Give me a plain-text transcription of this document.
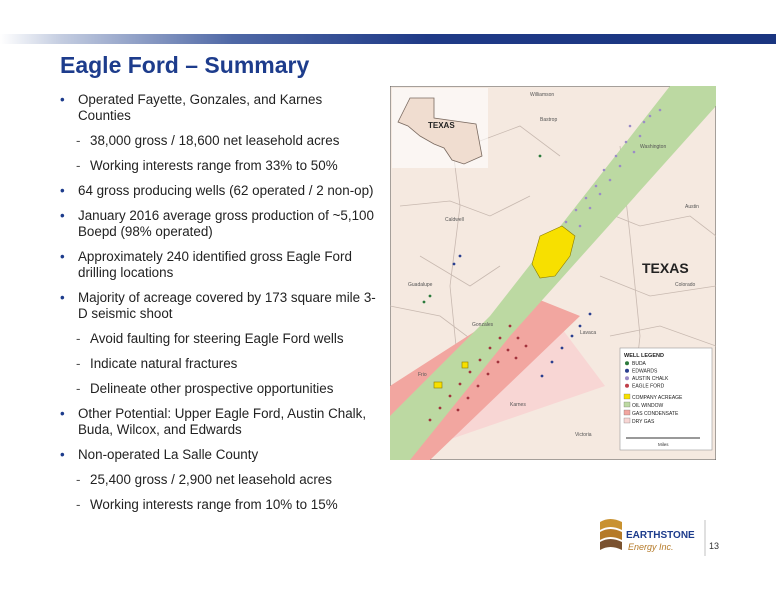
Eagle Ford – Summary
• Operated Fayette, Gonzales, and Karnes Counties
- 38,000 gross / 18,600 net leasehold acres
- Working interests range from 33% to 50%
• 64 gross producing wells (62 operated / 2 non-op)
• January 2016 average gross production of ~5,100 Boepd (98% operated)
• Approximately 240 identified gross Eagle Ford drilling locations
• Majority of acreage covered by 173 square mile 3-D seismic shoot
- Avoid faulting for steering Eagle Ford wells
- Indicate natural fractures
- Delineate other prospective opportunities
• Other Potential: Upper Eagle Ford, Austin Chalk, Buda, Wilcox, and Edwards
• Non-operated La Salle County
- 25,400 gross / 2,900 net leasehold acres
- Working interests range from 10% to 15%
TEXAS
TEXAS
Williamson
Bastrop
Washington
Austin
Colorado
Caldwell
Guadalupe
Gonzales
Lavaca
Frio
Karnes
Victoria
WELL LEGEND
BUDA
EDWARDS
AUSTIN CHALK
EAGLE FORD
COMPANY ACREAGE
OIL WINDOW
GAS CONDENSATE
DRY GAS
Miles
EARTHSTONE
Energy Inc.	13
